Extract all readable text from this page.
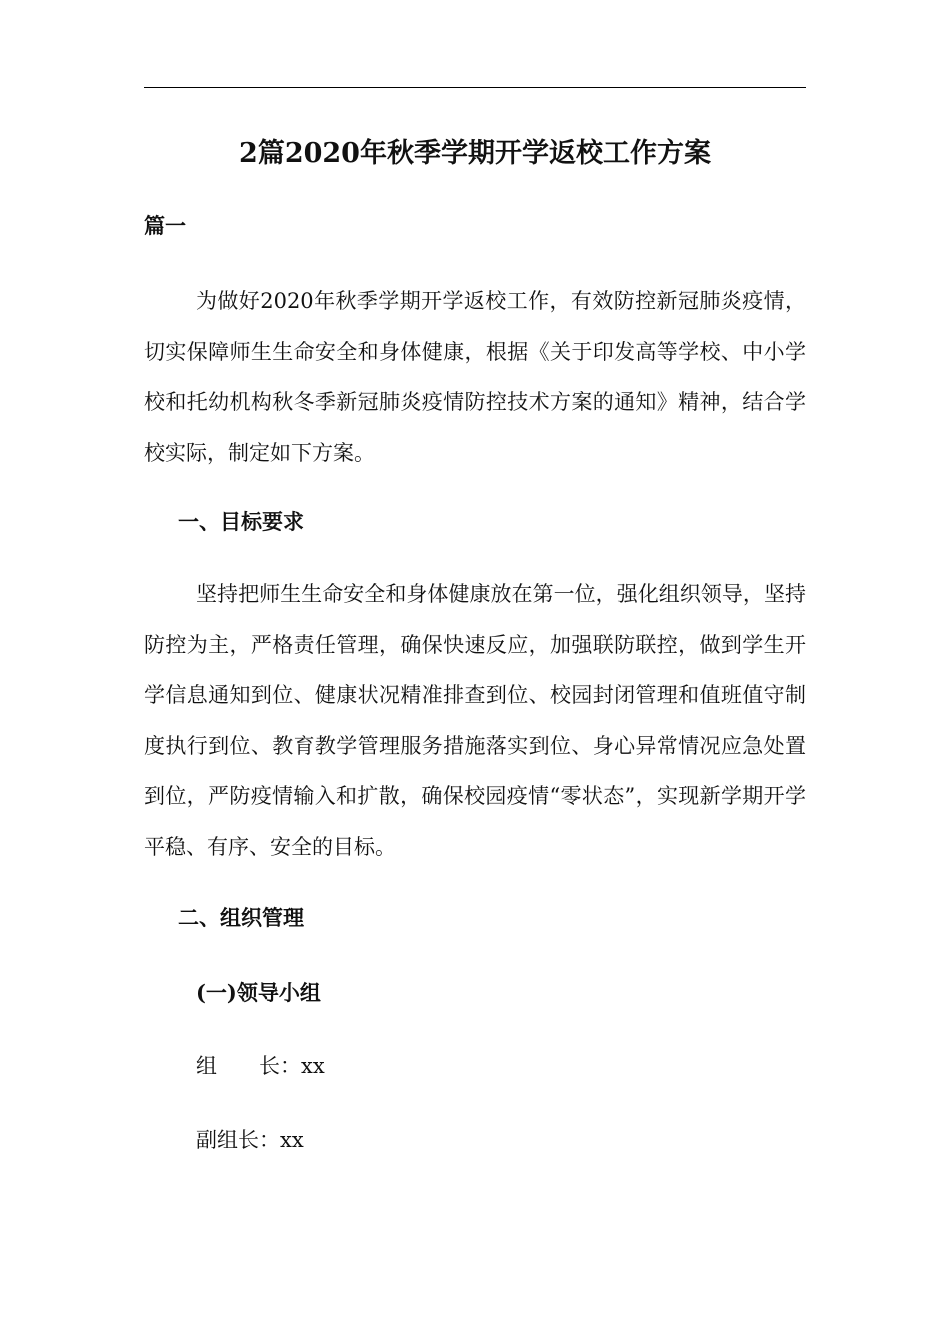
2篇2020年秋季学期开学返校工作方案
篇一

为做好2020年秋季学期开学返校工作，有效防控新冠肺炎疫情，切实保障师生生命安全和身体健康，根据《关于印发高等学校、中小学校和托幼机构秋冬季新冠肺炎疫情防控技术方案的通知》精神，结合学校实际，制定如下方案。

一、目标要求

坚持把师生生命安全和身体健康放在第一位，强化组织领导，坚持防控为主，严格责任管理，确保快速反应，加强联防联控，做到学生开学信息通知到位、健康状况精准排查到位、校园封闭管理和值班值守制度执行到位、教育教学管理服务措施落实到位、身心异常情况应急处置到位，严防疫情输入和扩散，确保校园疫情“零状态”，实现新学期开学平稳、有序、安全的目标。

二、组织管理
(一)领导小组
组　　长：xx
副组长：xx
